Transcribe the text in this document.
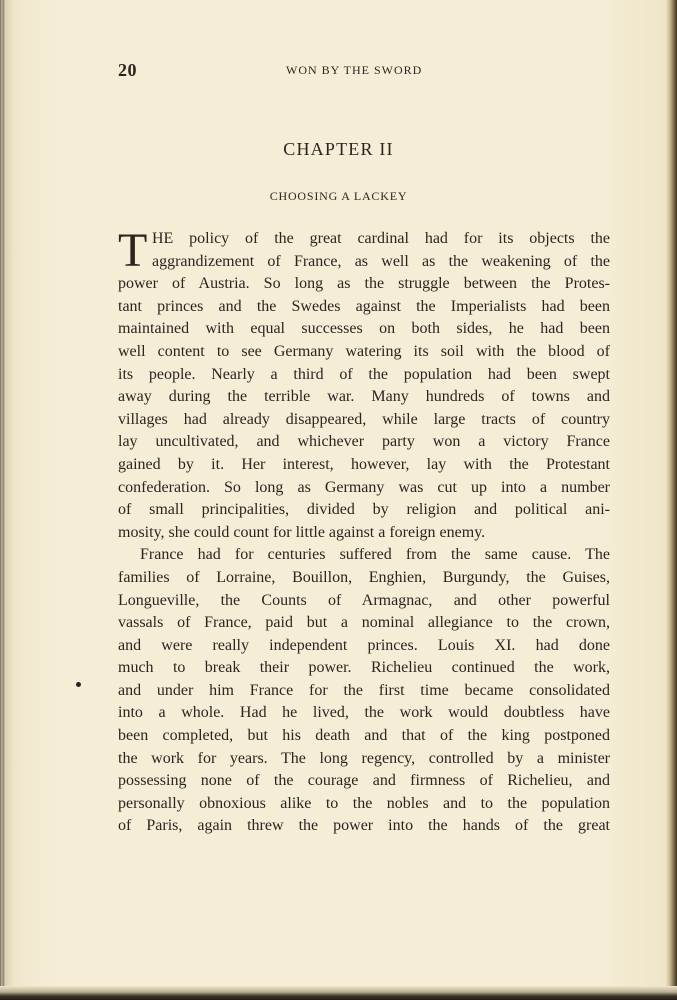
20	WON BY THE SWORD
CHAPTER II
CHOOSING A LACKEY
T HE policy of the great cardinal had for its objects the
aggrandizement of France, as well as the weakening of the
power of Austria. So long as the struggle between the Protes-
tant princes and the Swedes against the Imperialists had been
maintained with equal successes on both sides, he had been
well content to see Germany watering its soil with the blood of
its people. Nearly a third of the population had been swept
away during the terrible war. Many hundreds of towns and
villages had already disappeared, while large tracts of country
lay uncultivated, and whichever party won a victory France
gained by it. Her interest, however, lay with the Protestant
confederation. So long as Germany was cut up into a number
of small principalities, divided by religion and political ani-
mosity, she could count for little against a foreign enemy.
France had for centuries suffered from the same cause. The
families of Lorraine, Bouillon, Enghien, Burgundy, the Guises,
Longueville, the Counts of Armagnac, and other powerful
vassals of France, paid but a nominal allegiance to the crown,
and were really independent princes. Louis XI. had done
much to break their power. Richelieu continued the work,
and under him France for the first time became consolidated
into a whole. Had he lived, the work would doubtless have
been completed, but his death and that of the king postponed
the work for years. The long regency, controlled by a minister
possessing none of the courage and firmness of Richelieu, and
personally obnoxious alike to the nobles and to the population
of Paris, again threw the power into the hands of the great
